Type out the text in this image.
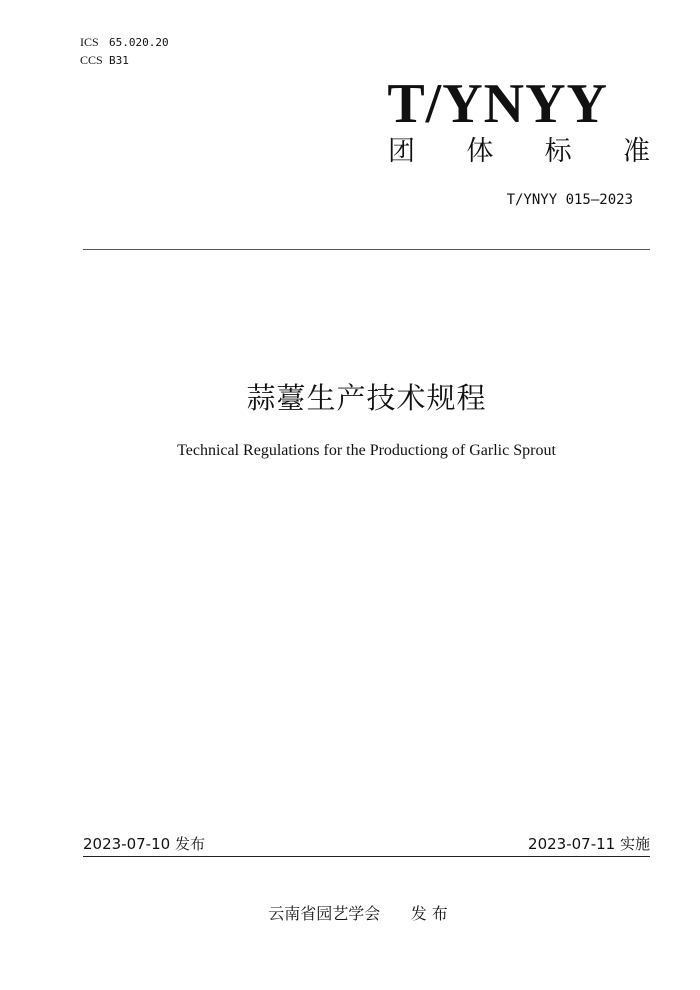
ICS 65.020.20
CCS B31
T/YNYY
团 体 标 准
T/YNYY 015—2023
蒜薹生产技术规程
Technical Regulations for the Productiong of Garlic Sprout
2023-07-10 发布	2023-07-11 实施
云南省园艺学会      发 布
